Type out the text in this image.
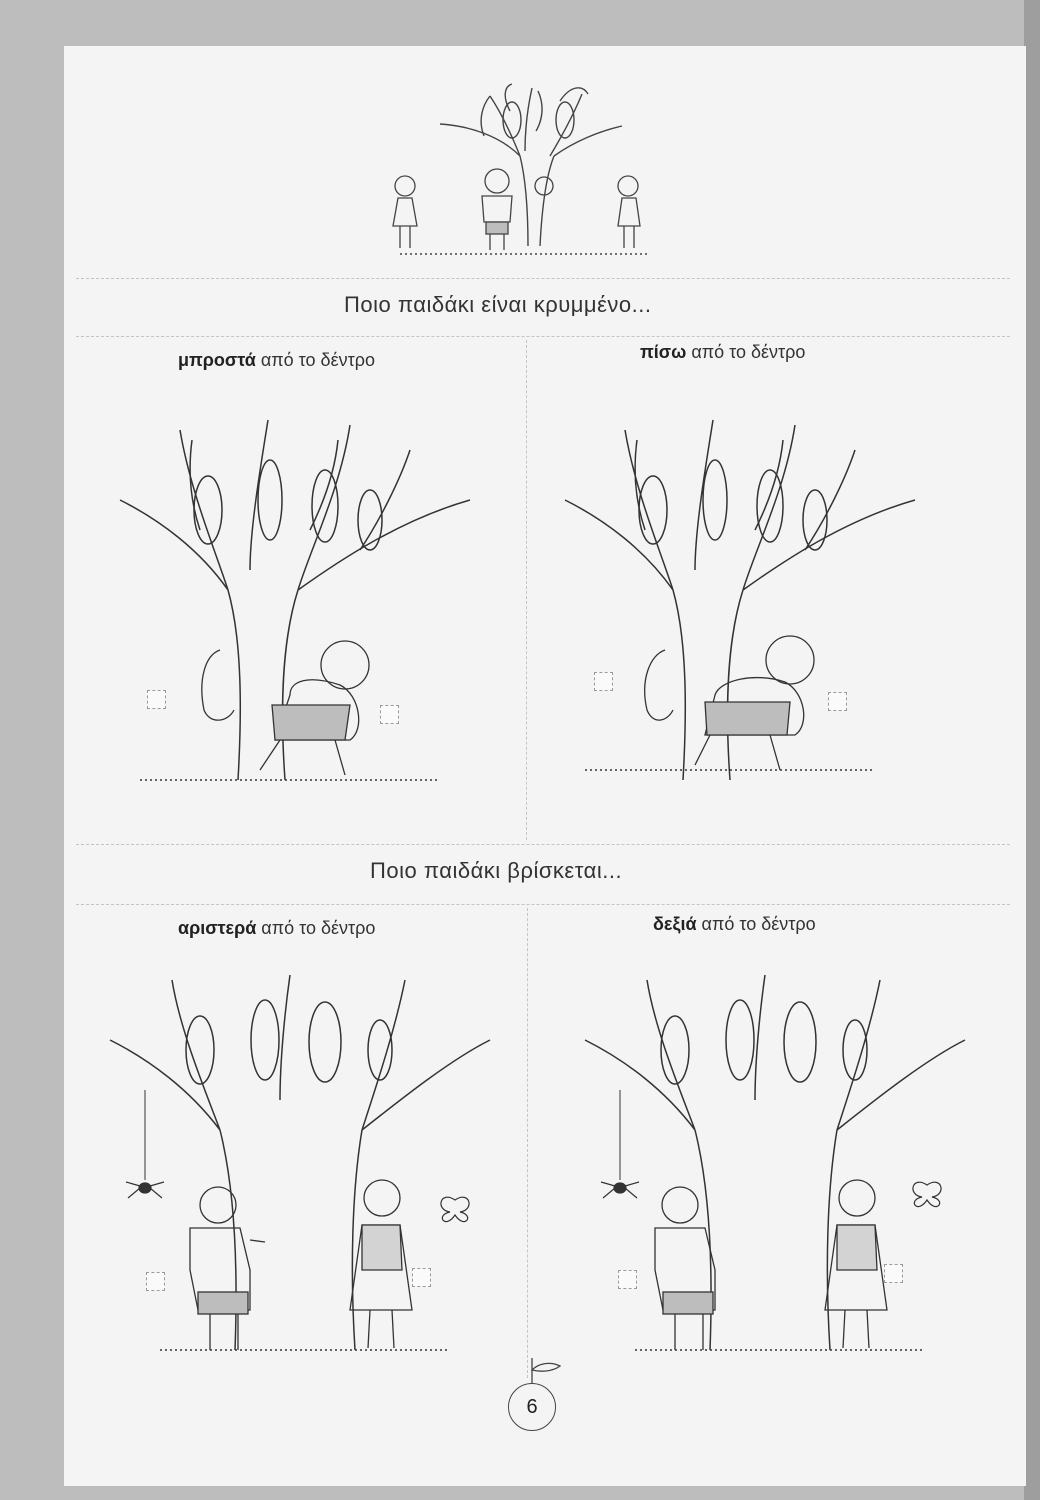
Ποιο παιδάκι είναι κρυμμένο...
μπροστά από το δέντρο	πίσω από το δέντρο
Ποιο παιδάκι βρίσκεται...
αριστερά από το δέντρο	δεξιά από το δέντρο
6
